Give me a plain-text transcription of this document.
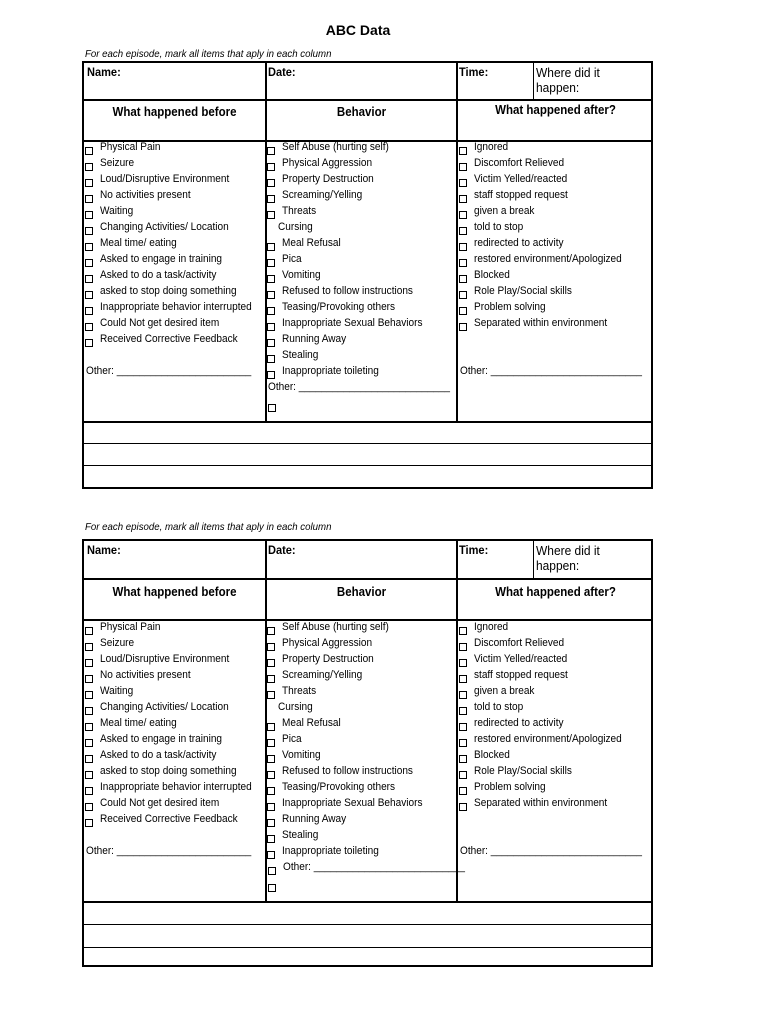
ABC Data
For each episode, mark all items that aply in each column
Name:	Date:	Time:	Where did it happen:
What happened before	Behavior	What happened after?
Physical Pain
Seizure
Loud/Disruptive Environment
No activities present
Waiting
Changing Activities/ Location
Meal time/ eating
Asked to engage in training
Asked to do a task/activity
asked to stop doing something
Inappropriate behavior interrupted
Could Not get desired item
Received Corrective Feedback
Other: ________________________
Self Abuse (hurting self)
Physical Aggression
Property Destruction
Screaming/Yelling
Threats
Cursing
Meal Refusal
Pica
Vomiting
Refused to follow instructions
Teasing/Provoking others
Inappropriate Sexual Behaviors
Running Away
Stealing
Inappropriate toileting
Other: ___________________________
Ignored
Discomfort Relieved
Victim Yelled/reacted
staff stopped request
given a break
told to stop
redirected to activity
restored environment/Apologized
Blocked
Role Play/Social skills
Problem solving
Separated within environment
Other: ___________________________
For each episode, mark all items that aply in each column
Name:	Date:	Time:	Where did it happen:
What happened before	Behavior	What happened after?
Physical Pain
Seizure
Loud/Disruptive Environment
No activities present
Waiting
Changing Activities/ Location
Meal time/ eating
Asked to engage in training
Asked to do a task/activity
asked to stop doing something
Inappropriate behavior interrupted
Could Not get desired item
Received Corrective Feedback
Other: ________________________
Self Abuse (hurting self)
Physical Aggression
Property Destruction
Screaming/Yelling
Threats
Cursing
Meal Refusal
Pica
Vomiting
Refused to follow instructions
Teasing/Provoking others
Inappropriate Sexual Behaviors
Running Away
Stealing
Inappropriate toileting
Other: ___________________________
Ignored
Discomfort Relieved
Victim Yelled/reacted
staff stopped request
given a break
told to stop
redirected to activity
restored environment/Apologized
Blocked
Role Play/Social skills
Problem solving
Separated within environment
Other: ___________________________
